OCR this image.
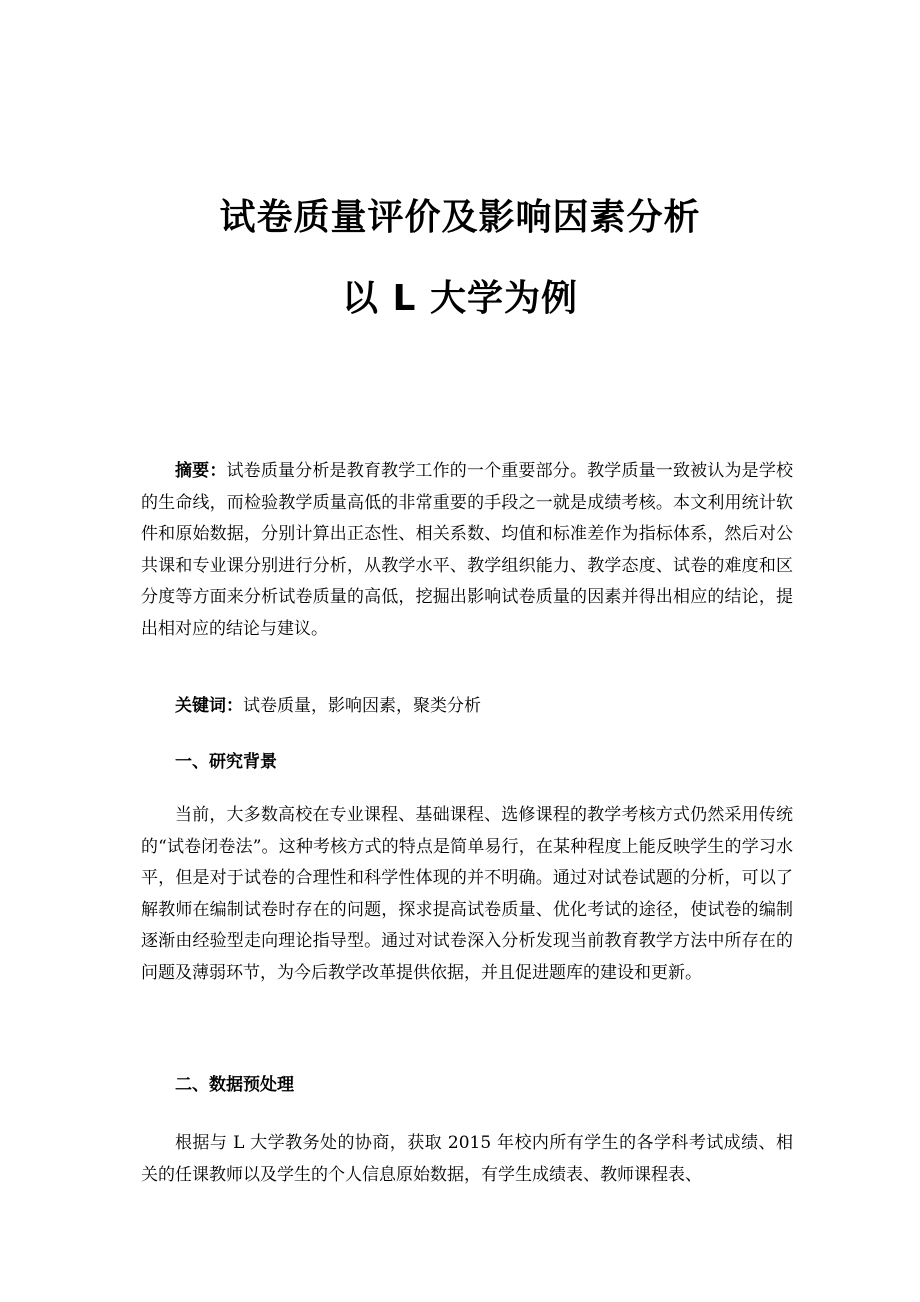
试卷质量评价及影响因素分析
以 L 大学为例

摘要：试卷质量分析是教育教学工作的一个重要部分。教学质量一致被认为是学校的生命线，而检验教学质量高低的非常重要的手段之一就是成绩考核。本文利用统计软件和原始数据，分别计算出正态性、相关系数、均值和标准差作为指标体系，然后对公共课和专业课分别进行分析，从教学水平、教学组织能力、教学态度、试卷的难度和区分度等方面来分析试卷质量的高低，挖掘出影响试卷质量的因素并得出相应的结论，提出相对应的结论与建议。

关键词：试卷质量，影响因素，聚类分析

一、研究背景

当前，大多数高校在专业课程、基础课程、选修课程的教学考核方式仍然采用传统的“试卷闭卷法”。这种考核方式的特点是简单易行，在某种程度上能反映学生的学习水平，但是对于试卷的合理性和科学性体现的并不明确。通过对试卷试题的分析，可以了解教师在编制试卷时存在的问题，探求提高试卷质量、优化考试的途径，使试卷的编制逐渐由经验型走向理论指导型。通过对试卷深入分析发现当前教育教学方法中所存在的问题及薄弱环节，为今后教学改革提供依据，并且促进题库的建设和更新。

二、数据预处理

根据与 L 大学教务处的协商，获取 2015 年校内所有学生的各学科考试成绩、相关的任课教师以及学生的个人信息原始数据，有学生成绩表、教师课程表、
